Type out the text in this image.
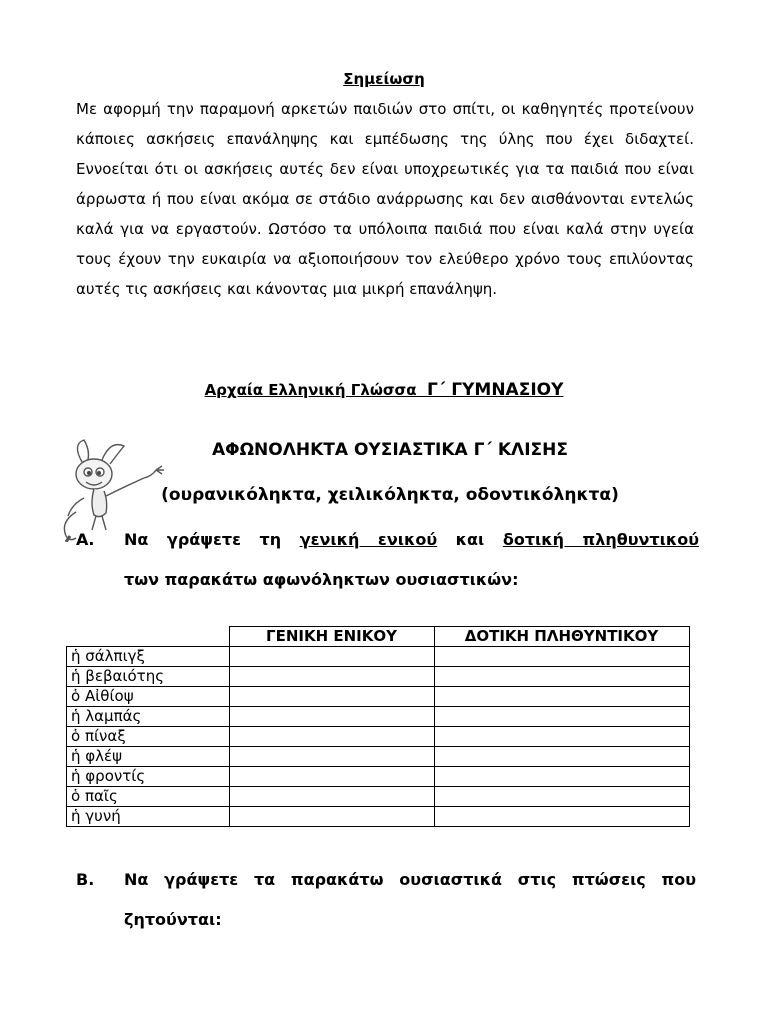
Σημείωση
Με αφορμή την παραμονή αρκετών παιδιών στο σπίτι, οι καθηγητές προτείνουν κάποιες ασκήσεις επανάληψης και εμπέδωσης της ύλης που έχει διδαχτεί. Εννοείται ότι οι ασκήσεις αυτές δεν είναι υποχρεωτικές για τα παιδιά που είναι άρρωστα ή που είναι ακόμα σε στάδιο ανάρρωσης και δεν αισθάνονται εντελώς καλά για να εργαστούν. Ωστόσο τα υπόλοιπα παιδιά που είναι καλά στην υγεία τους έχουν την ευκαιρία να αξιοποιήσουν τον ελεύθερο χρόνο τους επιλύοντας αυτές τις ασκήσεις και κάνοντας μια μικρή επανάληψη.
Αρχαία Ελληνική Γλώσσα Γ΄ ΓΥΜΝΑΣΙΟΥ
ΑΦΩΝΟΛΗΚΤΑ ΟΥΣΙΑΣΤΙΚΑ Γ΄ ΚΛΙΣΗΣ
(ουρανικόληκτα, χειλικόληκτα, οδοντικόληκτα)
Α. Να γράψετε τη γενική ενικού και δοτική πληθυντικού
των παρακάτω αφωνόληκτων ουσιαστικών:
	ΓΕΝΙΚΗ ΕΝΙΚΟΥ	ΔΟΤΙΚΗ ΠΛΗΘΥΝΤΙΚΟΥ
ἡ σάλπιγξ		
ἡ βεβαιότης		
ὁ Αἰθίοψ		
ἡ λαμπάς		
ὁ πίναξ		
ἡ φλέψ		
ἡ φροντίς		
ὁ παῖς		
ἡ γυνή		
Β. Να γράψετε τα παρακάτω ουσιαστικά στις πτώσεις που
ζητούνται:
